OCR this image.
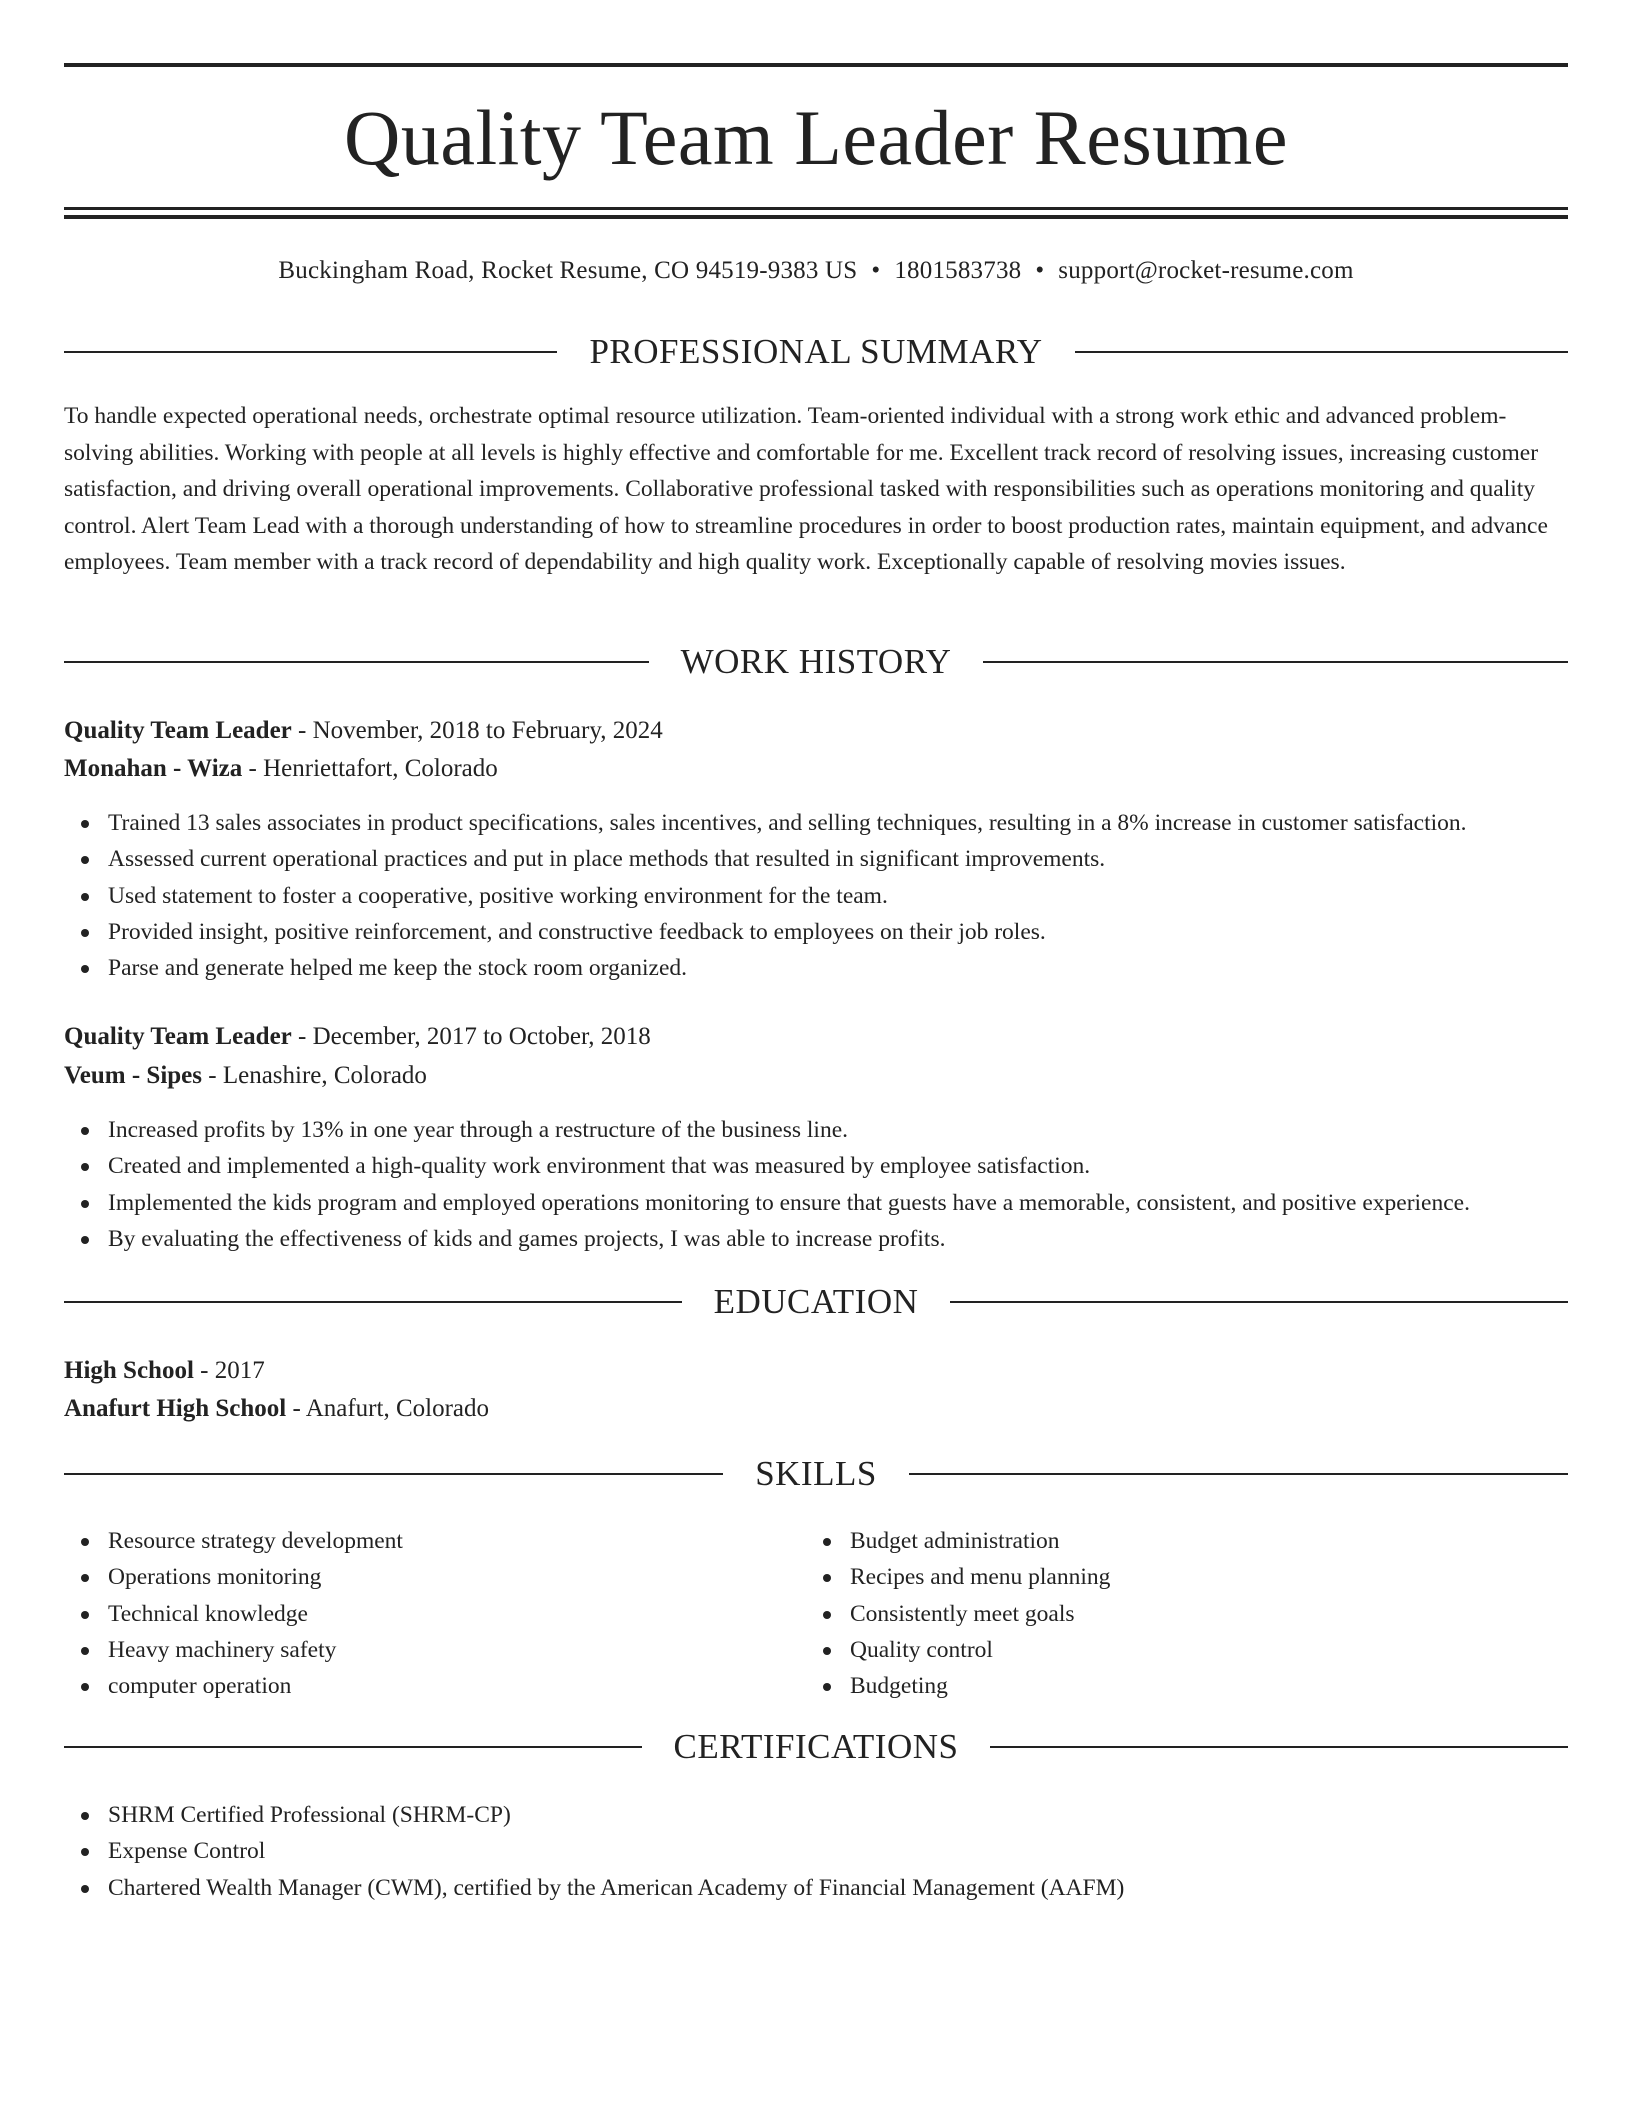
Quality Team Leader Resume
Buckingham Road, Rocket Resume, CO 94519-9383 US • 1801583738 • support@rocket-resume.com
PROFESSIONAL SUMMARY

To handle expected operational needs, orchestrate optimal resource utilization. Team-oriented individual with a strong work ethic and advanced problem-solving abilities. Working with people at all levels is highly effective and comfortable for me. Excellent track record of resolving issues, increasing customer satisfaction, and driving overall operational improvements. Collaborative professional tasked with responsibilities such as operations monitoring and quality control. Alert Team Lead with a thorough understanding of how to streamline procedures in order to boost production rates, maintain equipment, and advance employees. Team member with a track record of dependability and high quality work. Exceptionally capable of resolving movies issues.

WORK HISTORY
Quality Team Leader - November, 2018 to February, 2024
Monahan - Wiza - Henriettafort, Colorado
Trained 13 sales associates in product specifications, sales incentives, and selling techniques, resulting in a 8% increase in customer satisfaction.
Assessed current operational practices and put in place methods that resulted in significant improvements.
Used statement to foster a cooperative, positive working environment for the team.
Provided insight, positive reinforcement, and constructive feedback to employees on their job roles.
Parse and generate helped me keep the stock room organized.
Quality Team Leader - December, 2017 to October, 2018
Veum - Sipes - Lenashire, Colorado
Increased profits by 13% in one year through a restructure of the business line.
Created and implemented a high-quality work environment that was measured by employee satisfaction.
Implemented the kids program and employed operations monitoring to ensure that guests have a memorable, consistent, and positive experience.
By evaluating the effectiveness of kids and games projects, I was able to increase profits.
EDUCATION
High School - 2017
Anafurt High School - Anafurt, Colorado
SKILLS
Resource strategy development
Operations monitoring
Technical knowledge
Heavy machinery safety
computer operation
Budget administration
Recipes and menu planning
Consistently meet goals
Quality control
Budgeting
CERTIFICATIONS
SHRM Certified Professional (SHRM-CP)
Expense Control
Chartered Wealth Manager (CWM), certified by the American Academy of Financial Management (AAFM)
